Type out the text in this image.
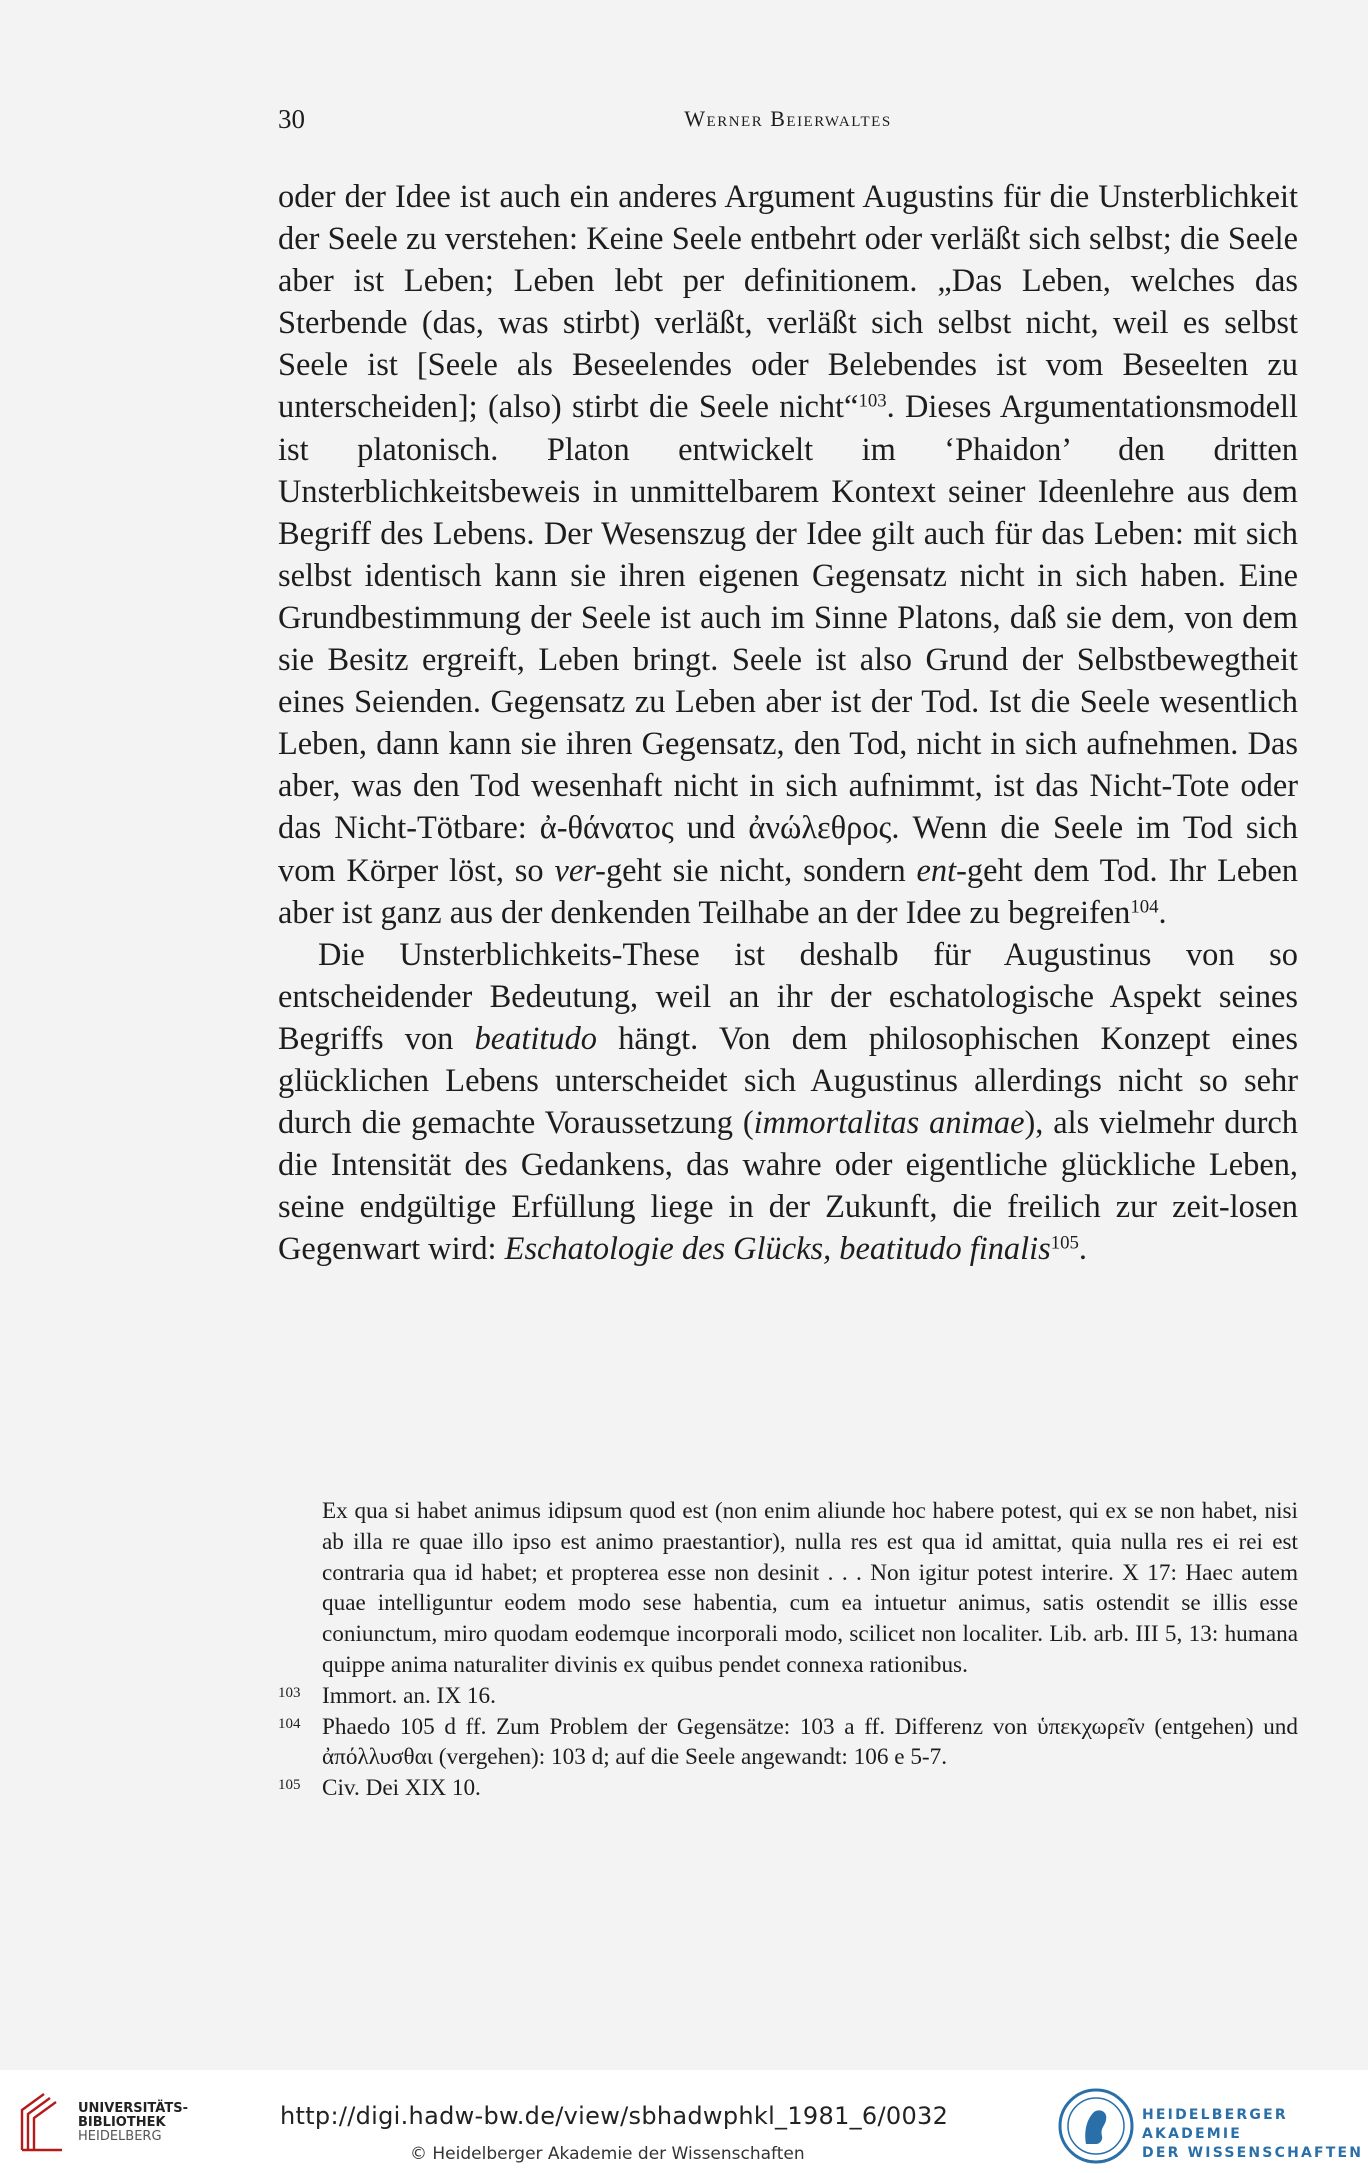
30	Werner Beierwaltes

oder der Idee ist auch ein anderes Argument Augustins für die Unsterblichkeit der Seele zu verstehen: Keine Seele entbehrt oder verläßt sich selbst; die Seele aber ist Leben; Leben lebt per definitionem. „Das Leben, welches das Sterbende (das, was stirbt) verläßt, verläßt sich selbst nicht, weil es selbst Seele ist [Seele als Beseelendes oder Belebendes ist vom Beseelten zu unterscheiden]; (also) stirbt die Seele nicht“$^{103}$. Dieses Argumentationsmodell ist platonisch. Platon entwickelt im ‘Phaidon’ den dritten Unsterblichkeitsbeweis in unmittelbarem Kontext seiner Ideenlehre aus dem Begriff des Lebens. Der Wesenszug der Idee gilt auch für das Leben: mit sich selbst identisch kann sie ihren eigenen Gegensatz nicht in sich haben. Eine Grundbestimmung der Seele ist auch im Sinne Platons, daß sie dem, von dem sie Besitz ergreift, Leben bringt. Seele ist also Grund der Selbstbewegtheit eines Seienden. Gegensatz zu Leben aber ist der Tod. Ist die Seele wesentlich Leben, dann kann sie ihren Gegensatz, den Tod, nicht in sich aufnehmen. Das aber, was den Tod wesenhaft nicht in sich aufnimmt, ist das Nicht-Tote oder das Nicht-Tötbare: ἀ-θάνατος und ἀνώλεθρος. Wenn die Seele im Tod sich vom Körper löst, so ver-geht sie nicht, sondern ent-geht dem Tod. Ihr Leben aber ist ganz aus der denkenden Teilhabe an der Idee zu begreifen$^{104}$.

Die Unsterblichkeits-These ist deshalb für Augustinus von so entscheidender Bedeutung, weil an ihr der eschatologische Aspekt seines Begriffs von beatitudo hängt. Von dem philosophischen Konzept eines glücklichen Lebens unterscheidet sich Augustinus allerdings nicht so sehr durch die gemachte Voraussetzung (immortalitas animae), als vielmehr durch die Intensität des Gedankens, das wahre oder eigentliche glückliche Leben, seine endgültige Erfüllung liege in der Zukunft, die freilich zur zeit-losen Gegenwart wird: Eschatologie des Glücks, beatitudo finalis$^{105}$.

Ex qua si habet animus idipsum quod est (non enim aliunde hoc habere potest, qui ex se non habet, nisi ab illa re quae illo ipso est animo praestantior), nulla res est qua id amittat, quia nulla res ei rei est contraria qua id habet; et propterea esse non desinit . . . Non igitur potest interire. X 17: Haec autem quae intelliguntur eodem modo sese habentia, cum ea intuetur animus, satis ostendit se illis esse coniunctum, miro quodam eodemque incorporali modo, scilicet non localiter. Lib. arb. III 5, 13: humana quippe anima naturaliter divinis ex quibus pendet connexa rationibus.

103 Immort. an. IX 16.
104 Phaedo 105 d ff. Zum Problem der Gegensätze: 103 a ff. Differenz von ὑπεκχωρεῖν (entgehen) und ἀπόλλυσθαι (vergehen): 103 d; auf die Seele angewandt: 106 e 5-7.
105 Civ. Dei XIX 10.
UNIVERSITÄTS-
BIBLIOTHEK
HEIDELBERG
http://digi.hadw-bw.de/view/sbhadwphkl_1981_6/0032
© Heidelberger Akademie der Wissenschaften
HEIDELBERGER AKADEMIE
DER WISSENSCHAFTEN
